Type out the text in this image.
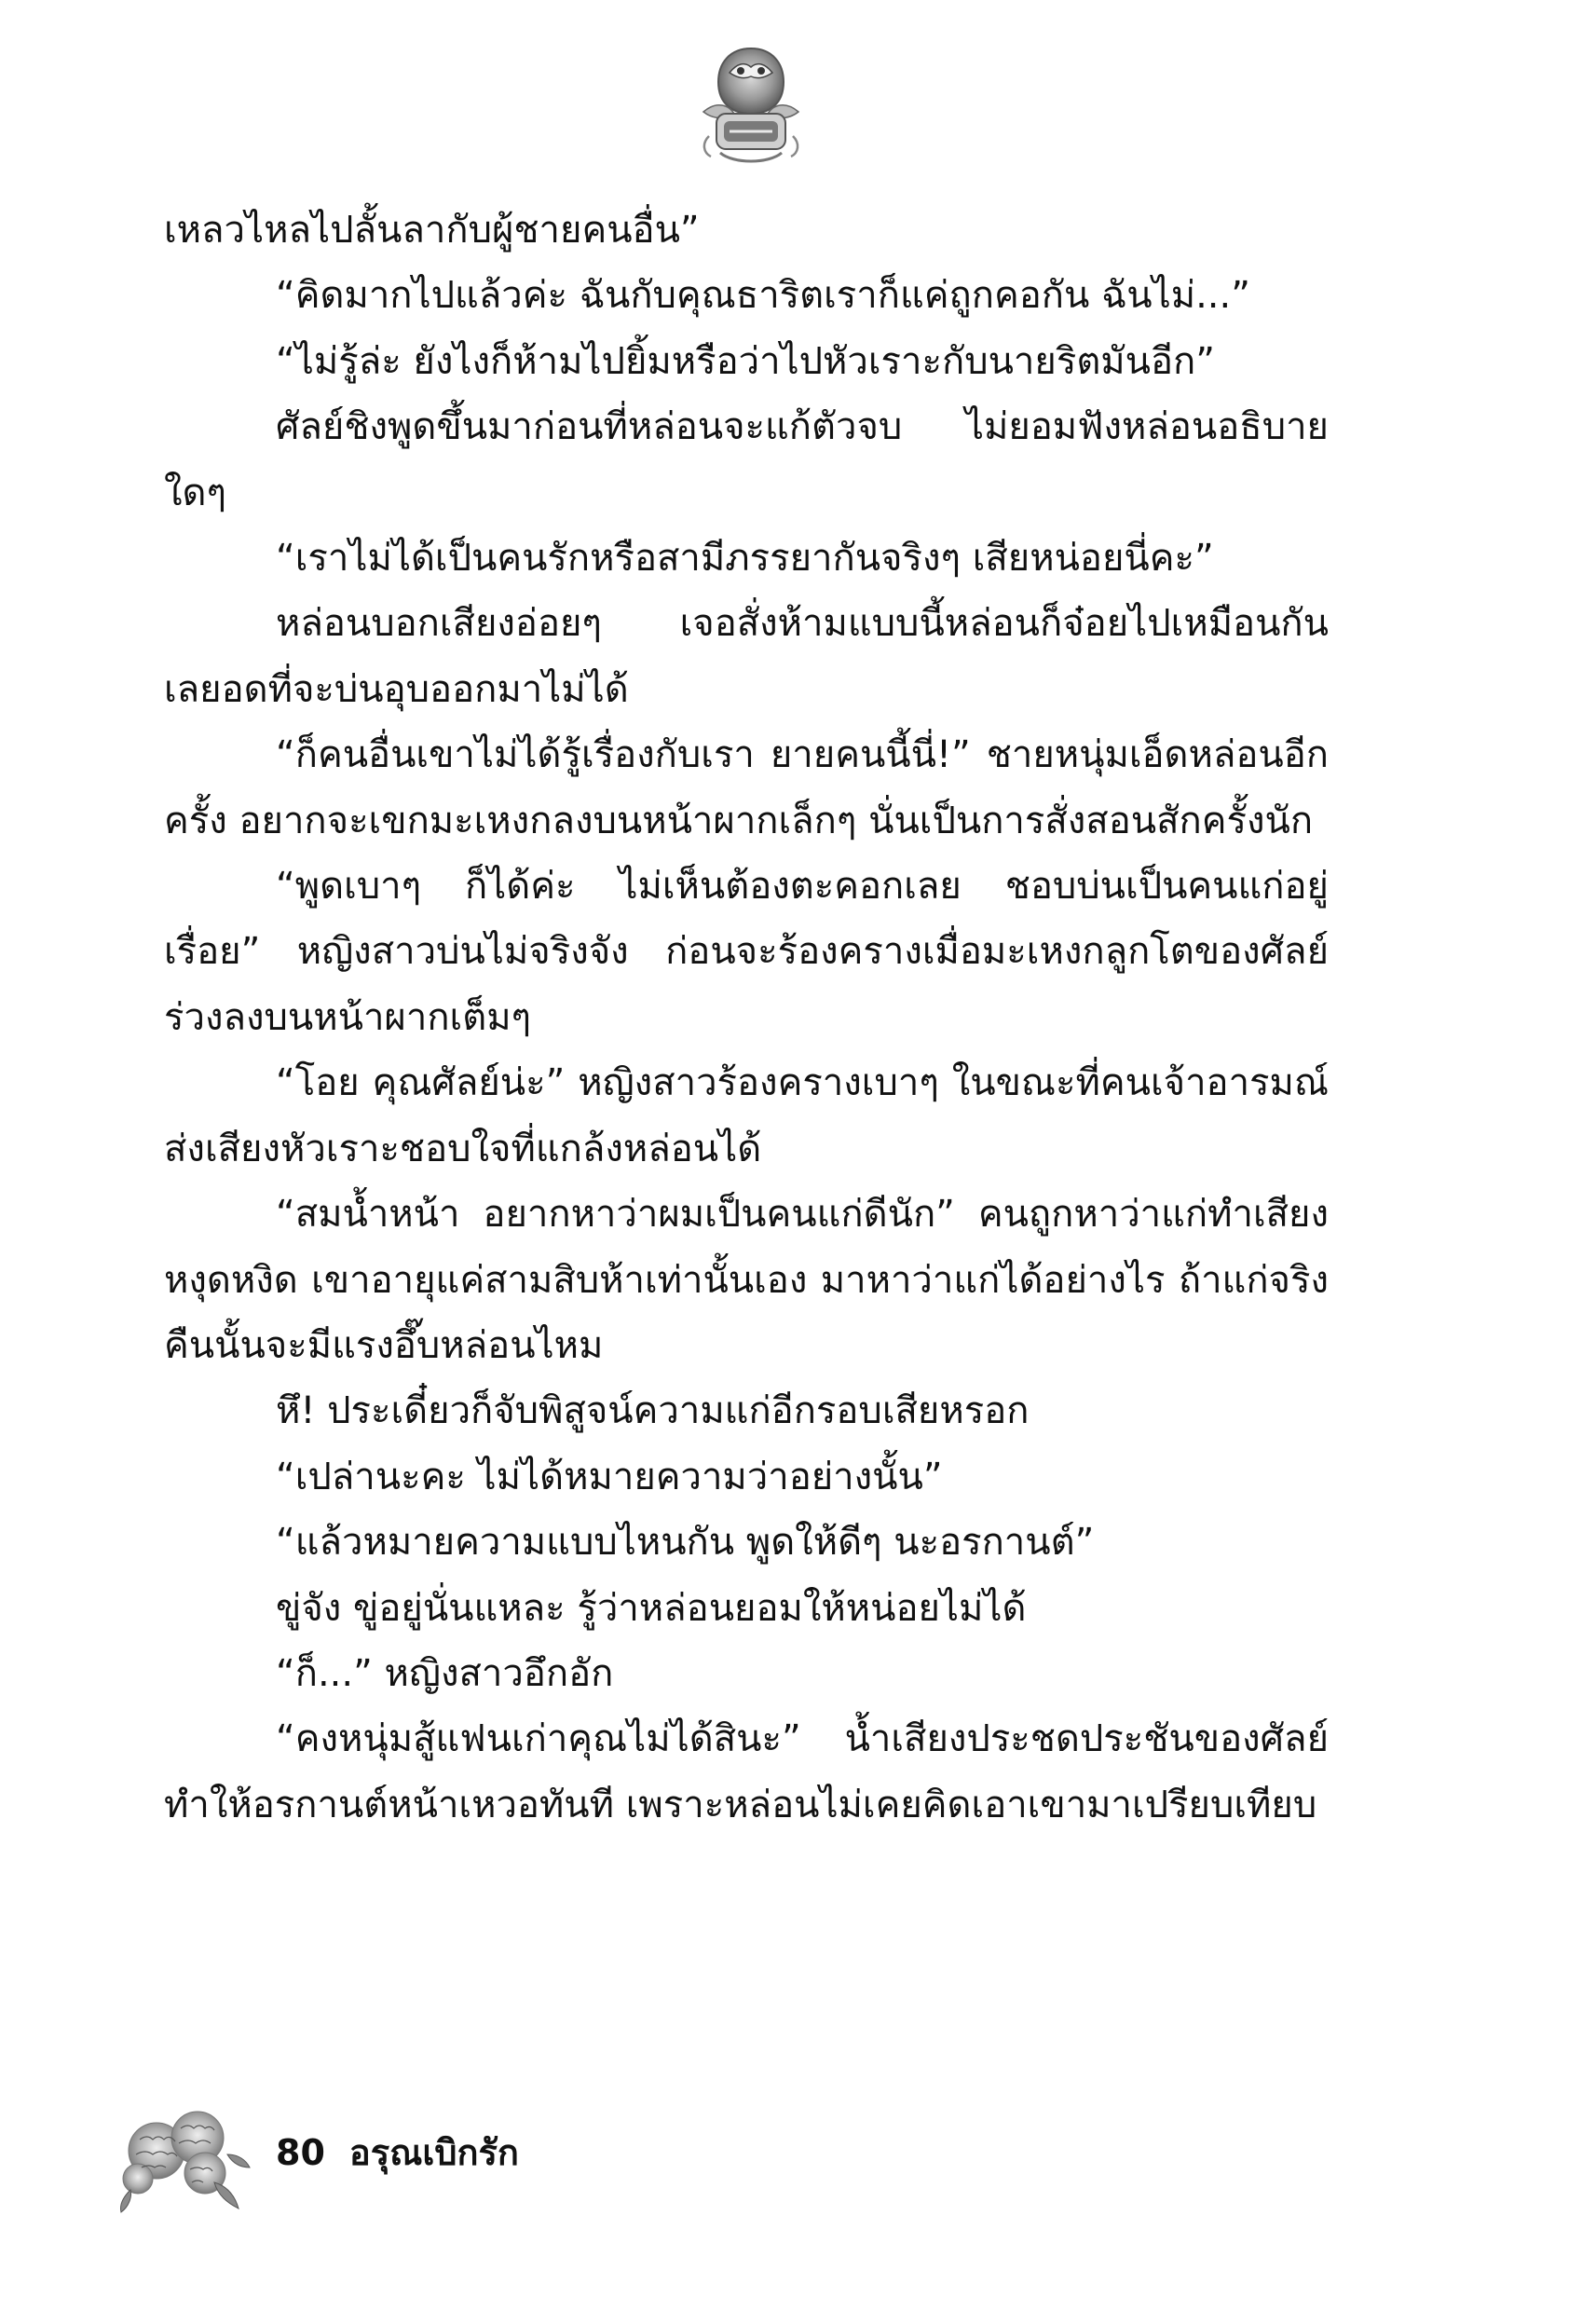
เหลวไหลไปลั้นลากับผู้ชายคนอื่น”

“คิดมากไปแล้วค่ะ ฉันกับคุณธาริตเราก็แค่ถูกคอกัน ฉันไม่...”

“ไม่รู้ล่ะ ยังไงก็ห้ามไปยิ้มหรือว่าไปหัวเราะกับนายริตมันอีก”

ศัลย์ชิงพูดขึ้นมาก่อนที่หล่อนจะแก้ตัวจบ ไม่ยอมฟังหล่อนอธิบายใดๆ

“เราไม่ได้เป็นคนรักหรือสามีภรรยากันจริงๆ เสียหน่อยนี่คะ”

หล่อนบอกเสียงอ่อยๆ เจอสั่งห้ามแบบนี้หล่อนก็จ๋อยไปเหมือนกัน เลยอดที่จะบ่นอุบออกมาไม่ได้

“ก็คนอื่นเขาไม่ได้รู้เรื่องกับเรา ยายคนนี้นี่!” ชายหนุ่มเอ็ดหล่อนอีกครั้ง อยากจะเขกมะเหงกลงบนหน้าผากเล็กๆ นั่นเป็นการสั่งสอนสักครั้งนัก

“พูดเบาๆ ก็ได้ค่ะ ไม่เห็นต้องตะคอกเลย ชอบบ่นเป็นคนแก่อยู่เรื่อย” หญิงสาวบ่นไม่จริงจัง ก่อนจะร้องครางเมื่อมะเหงกลูกโตของศัลย์ร่วงลงบนหน้าผากเต็มๆ

“โอย คุณศัลย์น่ะ” หญิงสาวร้องครางเบาๆ ในขณะที่คนเจ้าอารมณ์ส่งเสียงหัวเราะชอบใจที่แกล้งหล่อนได้

“สมน้ำหน้า อยากหาว่าผมเป็นคนแก่ดีนัก” คนถูกหาว่าแก่ทำเสียงหงุดหงิด เขาอายุแค่สามสิบห้าเท่านั้นเอง มาหาว่าแก่ได้อย่างไร ถ้าแก่จริงคืนนั้นจะมีแรงอึ๊บหล่อนไหม

หึ! ประเดี๋ยวก็จับพิสูจน์ความแก่อีกรอบเสียหรอก

“เปล่านะคะ ไม่ได้หมายความว่าอย่างนั้น”

“แล้วหมายความแบบไหนกัน พูดให้ดีๆ นะอรกานต์”

ขู่จัง ขู่อยู่นั่นแหละ รู้ว่าหล่อนยอมให้หน่อยไม่ได้

“ก็...” หญิงสาวอึกอัก

“คงหนุ่มสู้แฟนเก่าคุณไม่ได้สินะ” น้ำเสียงประชดประชันของศัลย์ทำให้อรกานต์หน้าเหวอทันที เพราะหล่อนไม่เคยคิดเอาเขามาเปรียบเทียบ

80 อรุณเบิกรัก
